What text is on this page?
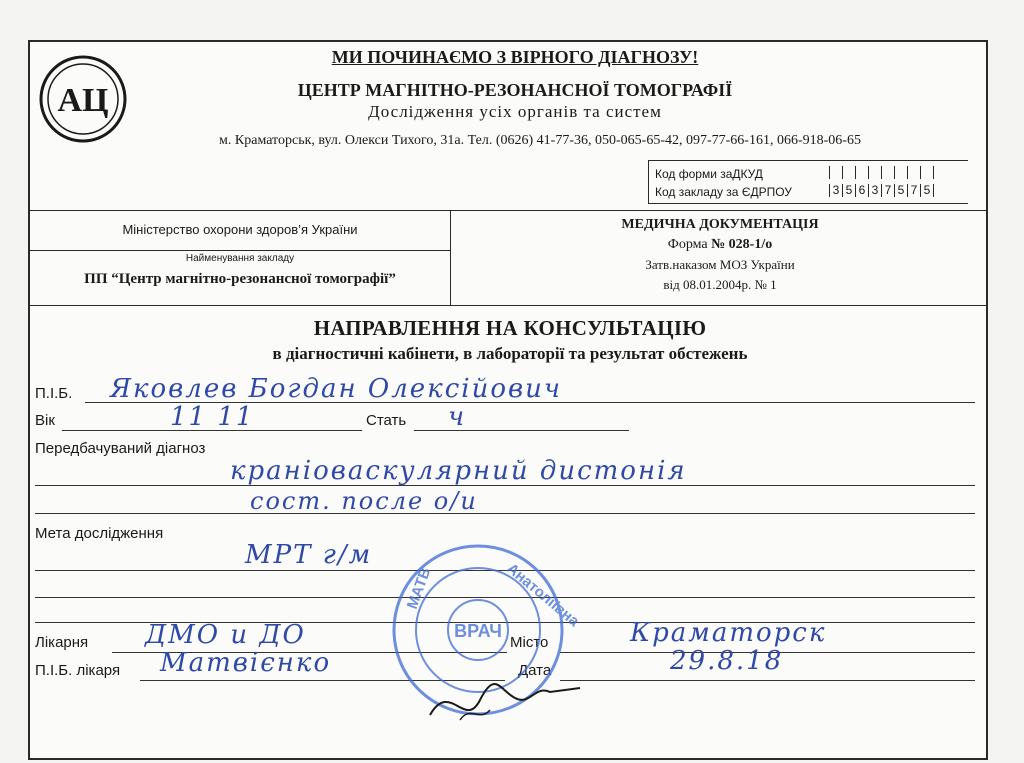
АЦ
МИ ПОЧИНАЄМО З ВІРНОГО ДІАГНОЗУ!
ЦЕНТР МАГНІТНО-РЕЗОНАНСНОЇ ТОМОГРАФІЇ
Дослідження усіх органів та систем
м. Краматорськ, вул. Олекси Тихого, 31а. Тел. (0626) 41-77-36, 050-065-65-42, 097-77-66-161, 066-918-06-65
Код форми заДКУД
Код закладу за ЄДРПОУ	3 5 6 3 7 5 7 5
Міністерство охорони здоров’я України
Найменування закладу
ПП “Центр магнітно-резонансної томографії”
МЕДИЧНА ДОКУМЕНТАЦІЯ
Форма № 028-1/о
Затв.наказом МОЗ України
від 08.01.2004р. № 1
НАПРАВЛЕННЯ НА КОНСУЛЬТАЦІЮ
в діагностичні кабінети, в лабораторії та результат обстежень
П.І.Б. Яковлев Богдан Олексійович
Вік	11 11	Стать ч
Передбачуваний діагноз
краніоваскулярний дистонія
сост. после о/и
Мета дослідження
МРТ г/м
Лікарня ДМО и ДО	Місто	Краматорск
П.І.Б. лікаря Матвієнко	Дата	29.8.18
ВРАЧ
Анатоліївна
МАТВ
